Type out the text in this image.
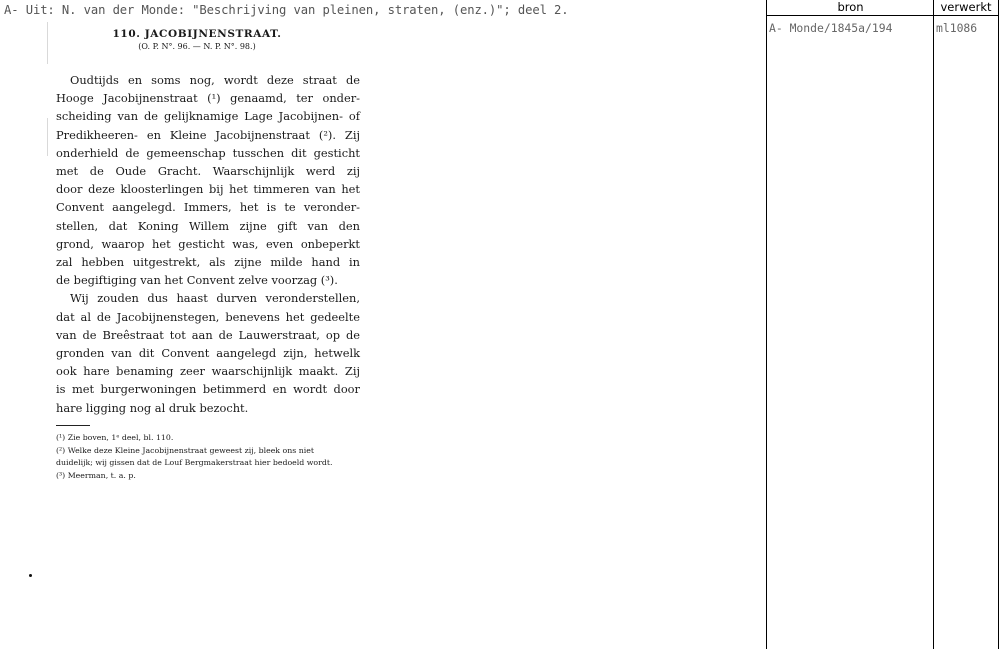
A- Uit: N. van der Monde: "Beschrijving van pleinen, straten, (enz.)"; deel 2.
110. JACOBIJNENSTRAAT.
(O. P. N°. 96. — N. P. N°. 98.)
Oudtijds en soms nog, wordt deze straat de
Hooge Jacobijnenstraat (¹) genaamd, ter onder-
scheiding van de gelijknamige Lage Jacobijnen- of
Predikheeren- en Kleine Jacobijnenstraat (²). Zij
onderhield de gemeenschap tusschen dit gesticht
met de Oude Gracht. Waarschijnlijk werd zij
door deze kloosterlingen bij het timmeren van het
Convent aangelegd. Immers, het is te veronder-
stellen, dat Koning Willem zijne gift van den
grond, waarop het gesticht was, even onbeperkt
zal hebben uitgestrekt, als zijne milde hand in
de begiftiging van het Convent zelve voorzag (³).
Wij zouden dus haast durven veronderstellen,
dat al de Jacobijnenstegen, benevens het gedeelte
van de Breêstraat tot aan de Lauwerstraat, op de
gronden van dit Convent aangelegd zijn, hetwelk
ook hare benaming zeer waarschijnlijk maakt. Zij
is met burgerwoningen betimmerd en wordt door
hare ligging nog al druk bezocht.
(¹) Zie boven, 1ᵉ deel, bl. 110.
(²) Welke deze Kleine Jacobijnenstraat geweest zij, bleek ons niet
duidelijk; wij gissen dat de Louf Bergmakerstraat hier bedoeld wordt.
(³) Meerman, t. a. p.
bron
A- Monde/1845a/194
verwerkt
ml1086
